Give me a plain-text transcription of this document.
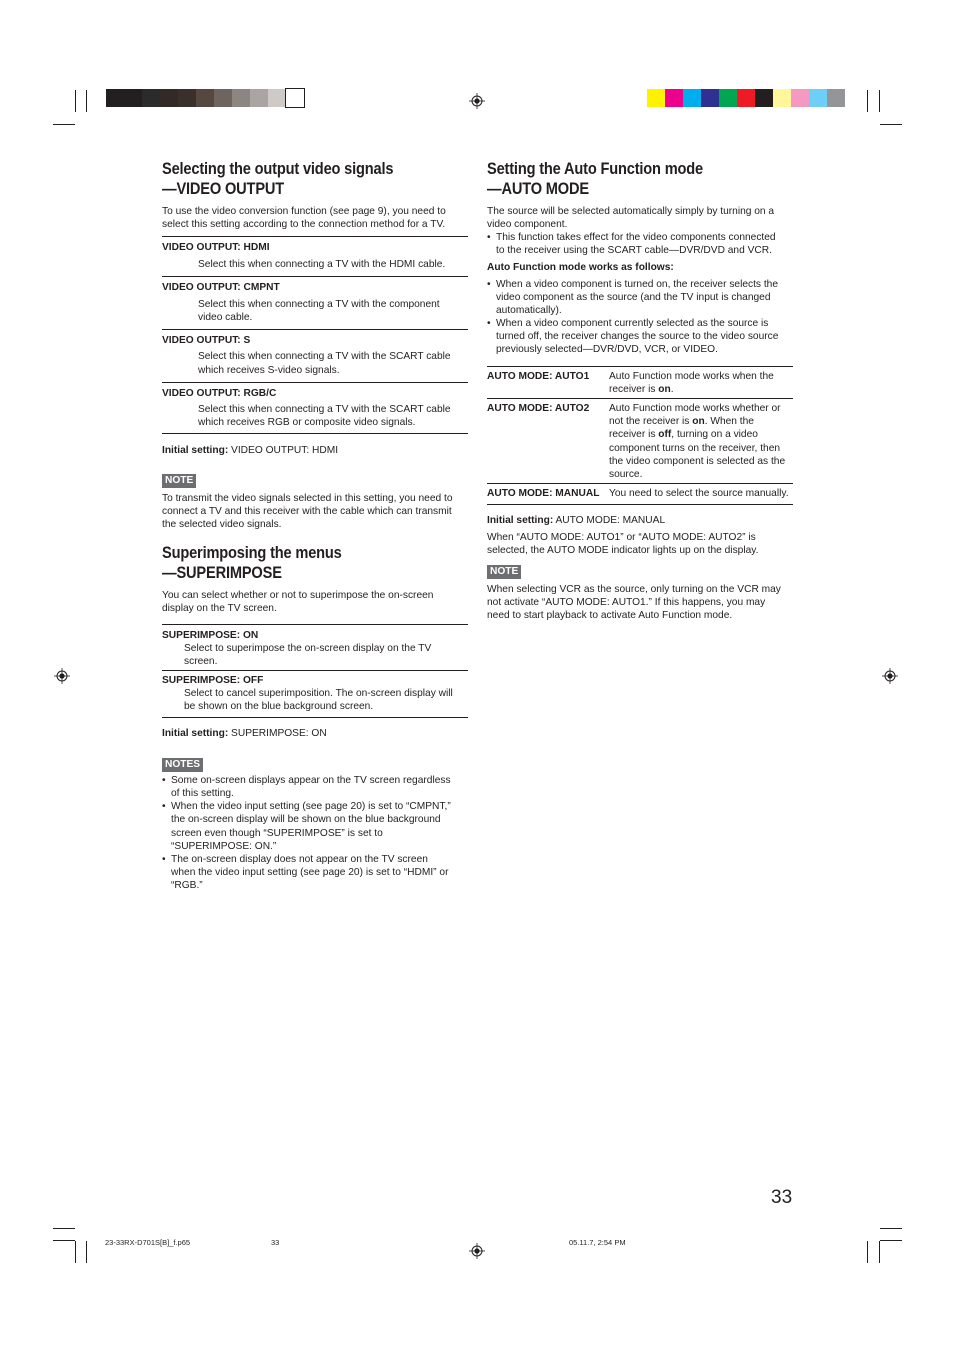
Selecting the output video signals
—VIDEO OUTPUT
To use the video conversion function (see page 9), you need to
select this setting according to the connection method for a TV.
VIDEO OUTPUT: HDMI
Select this when connecting a TV with the HDMI cable.
VIDEO OUTPUT: CMPNT
Select this when connecting a TV with the component
video cable.
VIDEO OUTPUT: S
Select this when connecting a TV with the SCART cable
which receives S-video signals.
VIDEO OUTPUT: RGB/C
Select this when connecting a TV with the SCART cable
which receives RGB or composite video signals.
Initial setting: VIDEO OUTPUT: HDMI
NOTE
To transmit the video signals selected in this setting, you need to
connect a TV and this receiver with the cable which can transmit
the selected video signals.
Superimposing the menus
—SUPERIMPOSE
You can select whether or not to superimpose the on-screen
display on the TV screen.
SUPERIMPOSE: ON
Select to superimpose the on-screen display on the TV
screen.
SUPERIMPOSE: OFF
Select to cancel superimposition. The on-screen display will
be shown on the blue background screen.
Initial setting: SUPERIMPOSE: ON
NOTES
• Some on-screen displays appear on the TV screen regardless
of this setting.
• When the video input setting (see page 20) is set to “CMPNT,”
the on-screen display will be shown on the blue background
screen even though “SUPERIMPOSE” is set to
“SUPERIMPOSE: ON.”
• The on-screen display does not appear on the TV screen
when the video input setting (see page 20) is set to “HDMI” or
“RGB.”
Setting the Auto Function mode
—AUTO MODE
The source will be selected automatically simply by turning on a
video component.
• This function takes effect for the video components connected
to the receiver using the SCART cable—DVR/DVD and VCR.
Auto Function mode works as follows:
• When a video component is turned on, the receiver selects the
video component as the source (and the TV input is changed
automatically).
• When a video component currently selected as the source is
turned off, the receiver changes the source to the video source
previously selected—DVR/DVD, VCR, or VIDEO.
AUTO MODE: AUTO1 Auto Function mode works when the
receiver is on.
AUTO MODE: AUTO2 Auto Function mode works whether or
not the receiver is on. When the
receiver is off, turning on a video
component turns on the receiver, then
the video component is selected as the
source.
AUTO MODE: MANUAL You need to select the source manually.
Initial setting: AUTO MODE: MANUAL
When “AUTO MODE: AUTO1” or “AUTO MODE: AUTO2” is
selected, the AUTO MODE indicator lights up on the display.
NOTE
When selecting VCR as the source, only turning on the VCR may
not activate “AUTO MODE: AUTO1.” If this happens, you may
need to start playback to activate Auto Function mode.
33
23-33RX-D701S[B]_f.p65	33	05.11.7, 2:54 PM
